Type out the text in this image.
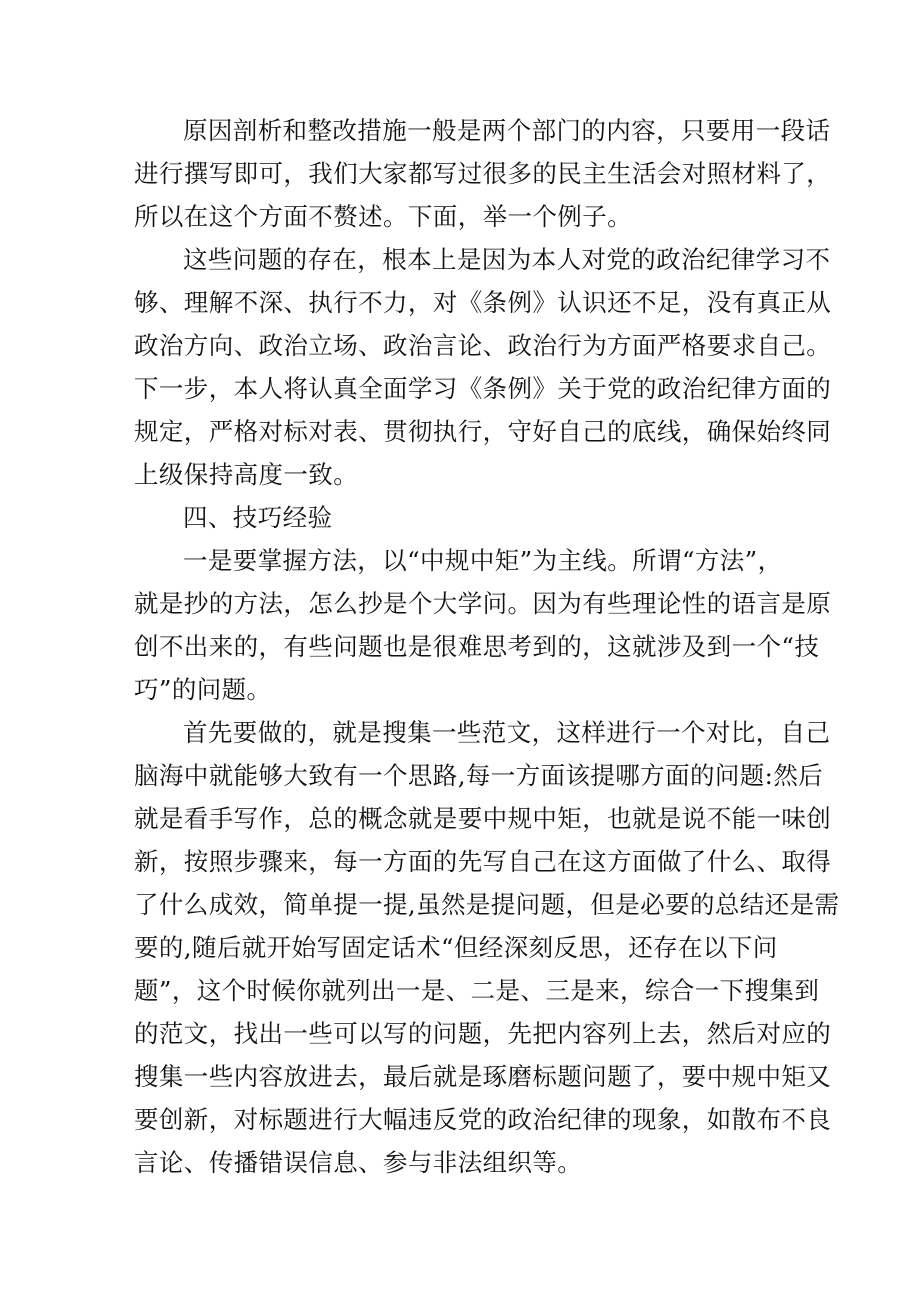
原因剖析和整改措施一般是两个部门的内容，只要用一段话
进行撰写即可，我们大家都写过很多的民主生活会对照材料了，
所以在这个方面不赘述。下面，举一个例子。
这些问题的存在，根本上是因为本人对党的政治纪律学习不
够、理解不深、执行不力，对《条例》认识还不足，没有真正从
政治方向、政治立场、政治言论、政治行为方面严格要求自己。
下一步，本人将认真全面学习《条例》关于党的政治纪律方面的
规定，严格对标对表、贯彻执行，守好自己的底线，确保始终同
上级保持高度一致。
四、技巧经验
一是要掌握方法，以“中规中矩”为主线。所谓“方法”，
就是抄的方法，怎么抄是个大学问。因为有些理论性的语言是原
创不出来的，有些问题也是很难思考到的，这就涉及到一个“技
巧”的问题。
首先要做的，就是搜集一些范文，这样进行一个对比，自己
脑海中就能够大致有一个思路,每一方面该提哪方面的问题:然后
就是看手写作，总的概念就是要中规中矩，也就是说不能一味创
新，按照步骤来，每一方面的先写自己在这方面做了什么、取得
了什么成效，简单提一提,虽然是提问题，但是必要的总结还是需
要的,随后就开始写固定话术“但经深刻反思，还存在以下问
题”，这个时候你就列出一是、二是、三是来，综合一下搜集到
的范文，找出一些可以写的问题，先把内容列上去，然后对应的
搜集一些内容放进去，最后就是琢磨标题问题了，要中规中矩又
要创新，对标题进行大幅违反党的政治纪律的现象，如散布不良
言论、传播错误信息、参与非法组织等。
